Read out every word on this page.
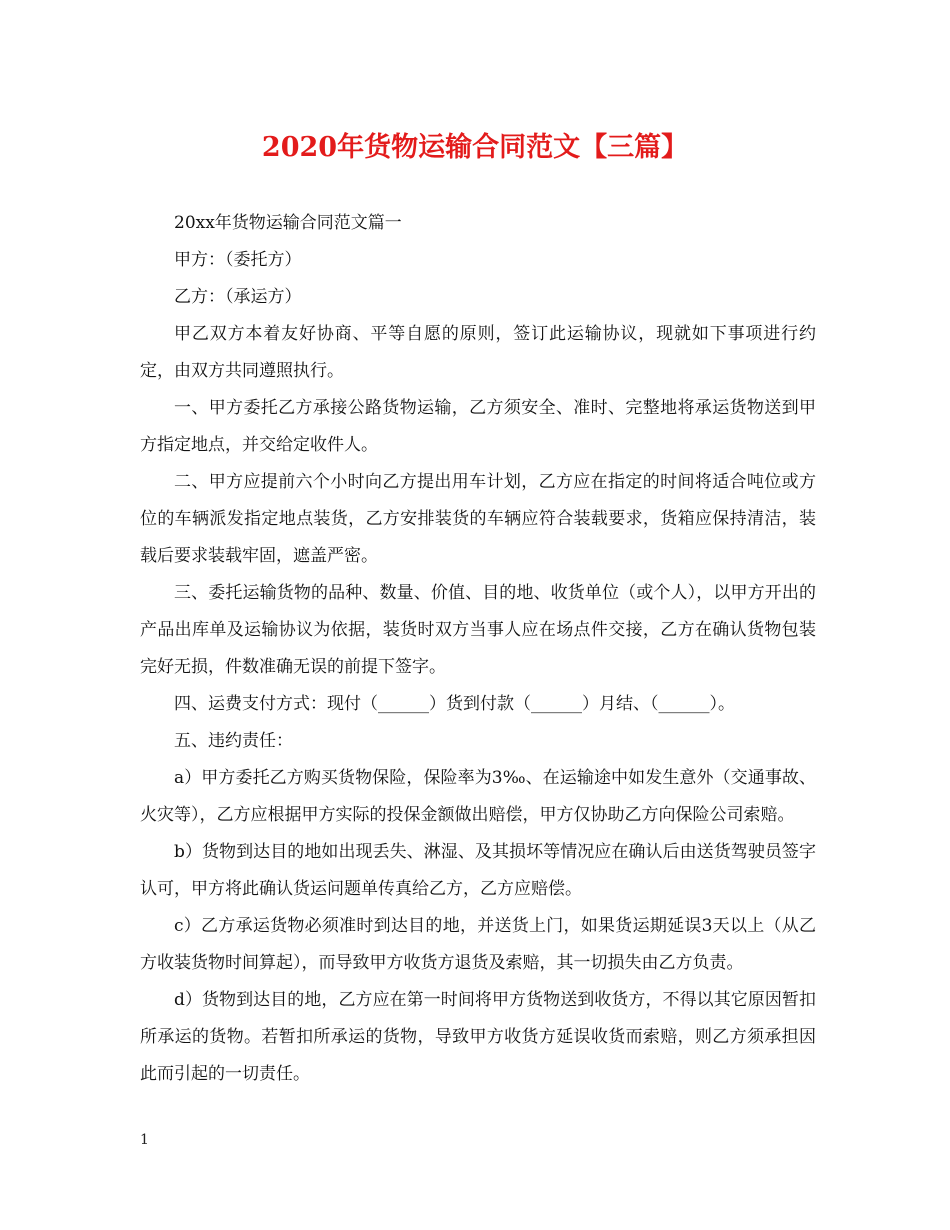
2020年货物运输合同范文【三篇】

20xx年货物运输合同范文篇一

甲方：（委托方）

乙方：（承运方）

甲乙双方本着友好协商、平等自愿的原则，签订此运输协议，现就如下事项进行约定，由双方共同遵照执行。

一、甲方委托乙方承接公路货物运输，乙方须安全、准时、完整地将承运货物送到甲方指定地点，并交给定收件人。

二、甲方应提前六个小时向乙方提出用车计划，乙方应在指定的时间将适合吨位或方位的车辆派发指定地点装货，乙方安排装货的车辆应符合装载要求，货箱应保持清洁，装载后要求装载牢固，遮盖严密。

三、委托运输货物的品种、数量、价值、目的地、收货单位（或个人），以甲方开出的产品出库单及运输协议为依据，装货时双方当事人应在场点件交接，乙方在确认货物包装完好无损，件数准确无误的前提下签字。

四、运费支付方式：现付（______）货到付款（______）月结、（______）。

五、违约责任：

a）甲方委托乙方购买货物保险，保险率为3‰、在运输途中如发生意外（交通事故、火灾等），乙方应根据甲方实际的投保金额做出赔偿，甲方仅协助乙方向保险公司索赔。

b）货物到达目的地如出现丢失、淋湿、及其损坏等情况应在确认后由送货驾驶员签字认可，甲方将此确认货运问题单传真给乙方，乙方应赔偿。

c）乙方承运货物必须准时到达目的地，并送货上门，如果货运期延误3天以上（从乙方收装货物时间算起），而导致甲方收货方退货及索赔，其一切损失由乙方负责。

d）货物到达目的地，乙方应在第一时间将甲方货物送到收货方，不得以其它原因暂扣所承运的货物。若暂扣所承运的货物，导致甲方收货方延误收货而索赔，则乙方须承担因此而引起的一切责任。

1
